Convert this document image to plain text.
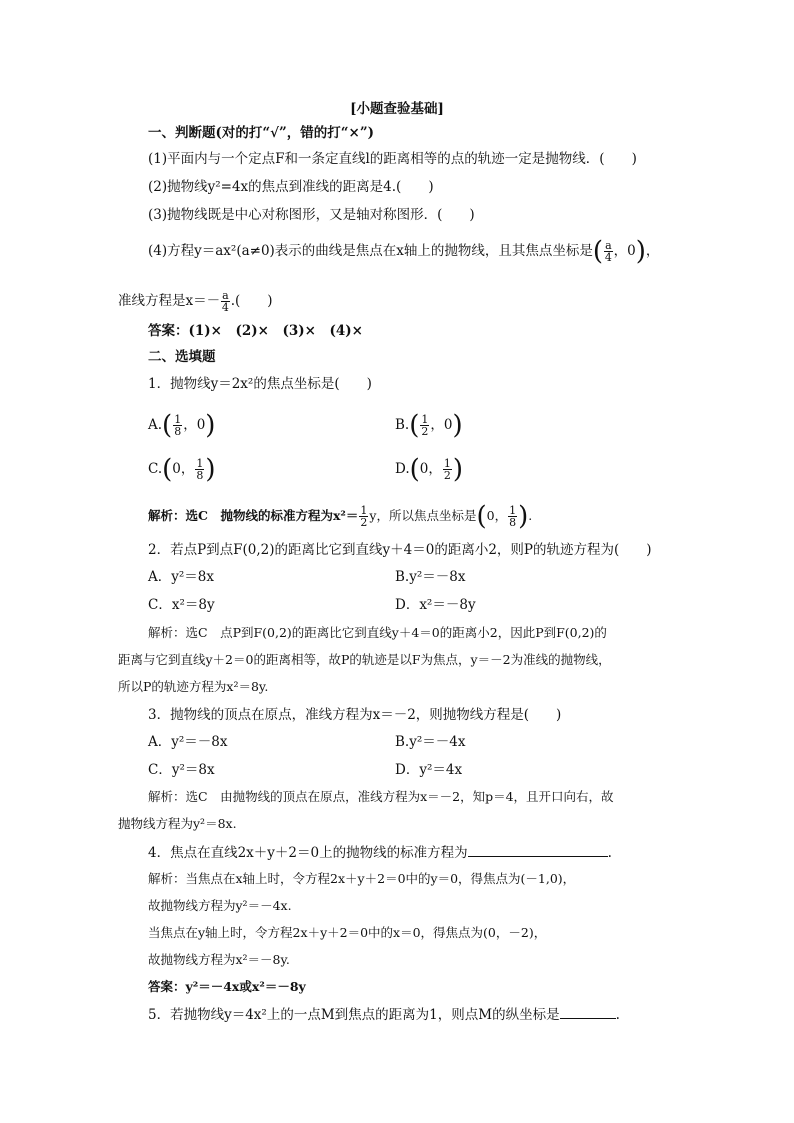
[小题查验基础]
一、判断题(对的打“√”，错的打“×”)
(1)平面内与一个定点F和一条定直线l的距离相等的点的轨迹一定是抛物线．(　　)
(2)抛物线y²=4x的焦点到准线的距离是4.(　　)
(3)抛物线既是中心对称图形，又是轴对称图形．(　　)
(4)方程y＝ax²(a≠0)表示的曲线是焦点在x轴上的抛物线，且其焦点坐标是( $\frac{a}{4}$ ，0)，
准线方程是$x=- \frac{a}{4}$ .(　　)
答案：(1)×　(2)×　(3)×　(4)×
二、选填题
1．抛物线y＝2x²的焦点坐标是(　　)
$A.( \frac{1}{8}$ ，0)	$B.( \frac{1}{2}$ ，0)
C.(0， $\frac{1}{8}$ )	D.(0， $\frac{1}{2}$ )
解析：选C　抛物线的标准方程为$x^2= \frac{1}{2}$ y，所以焦点坐标是(0， $\frac{1}{8}$ ).
2．若点P到点F(0,2)的距离比它到直线y＋4＝0的距离小2，则P的轨迹方程为(　　)
A．y²＝8x	B.y²＝－8x
C．x²＝8y	D．x²＝－8y
解析：选C　点P到F(0,2)的距离比它到直线y＋4＝0的距离小2，因此P到F(0,2)的
距离与它到直线y＋2＝0的距离相等，故P的轨迹是以F为焦点，y＝－2为准线的抛物线，
所以P的轨迹方程为x²＝8y.
3．抛物线的顶点在原点，准线方程为x＝－2，则抛物线方程是(　　)
A．y²＝－8x	B.y²＝－4x
C．y²＝8x	D．y²＝4x
解析：选C　由抛物线的顶点在原点，准线方程为x＝－2，知p＝4，且开口向右，故
抛物线方程为y²＝8x.
4．焦点在直线2x＋y＋2＝0上的抛物线的标准方程为	.
解析：当焦点在x轴上时，令方程2x＋y＋2＝0中的y＝0，得焦点为(－1,0)，
故抛物线方程为y²＝－4x.
当焦点在y轴上时，令方程2x＋y＋2＝0中的x＝0，得焦点为(0，－2)，
故抛物线方程为x²＝－8y.
答案：y²＝－4x或x²＝－8y
5．若抛物线y＝4x²上的一点M到焦点的距离为1，则点M的纵坐标是	.
